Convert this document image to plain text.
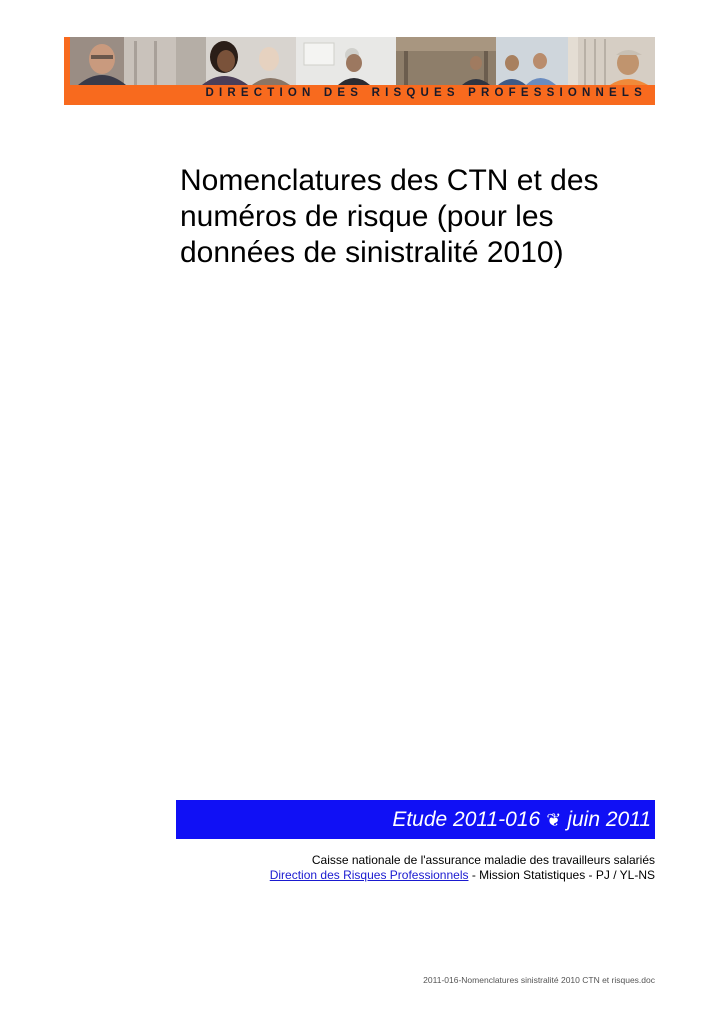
DIRECTION DES RISQUES PROFESSIONNELS
Nomenclatures des CTN et des
numéros de risque (pour les
données de sinistralité 2010)
Etude 2011-016 ❦ juin 2011
Caisse nationale de l'assurance maladie des travailleurs salariés
Direction des Risques Professionnels - Mission Statistiques - PJ / YL-NS
2011-016-Nomenclatures sinistralité 2010 CTN et risques.doc
